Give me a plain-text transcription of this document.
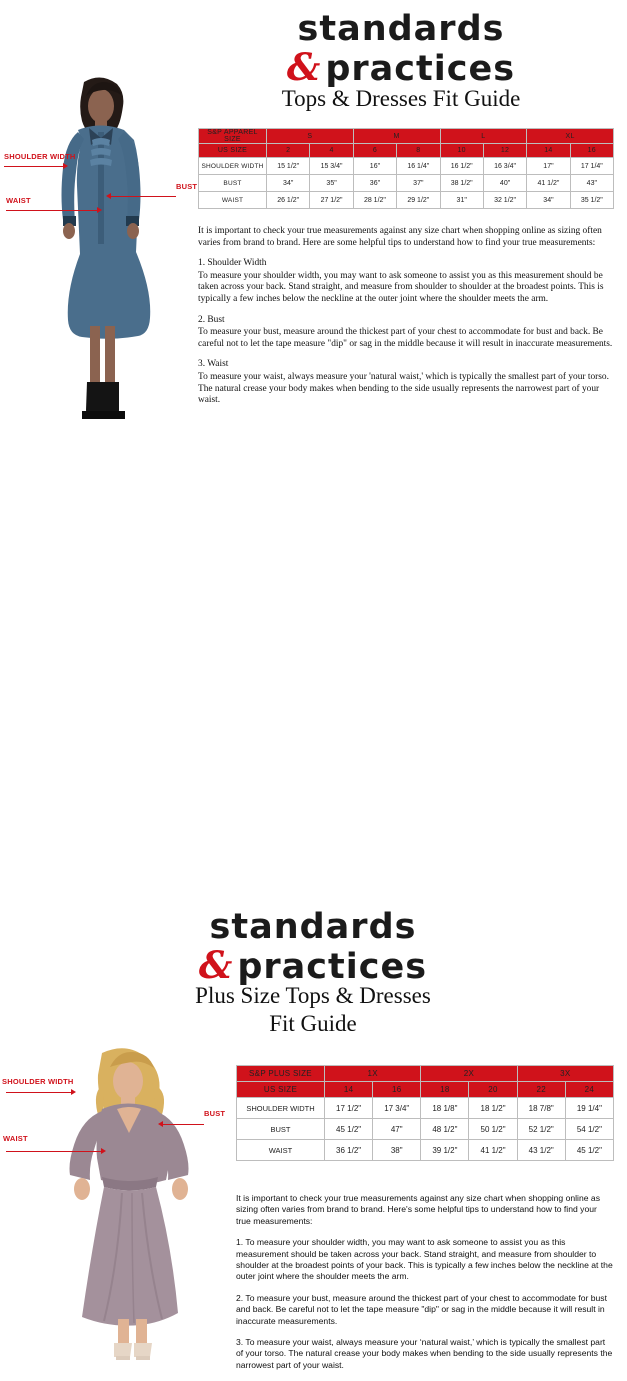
standards
& practices
Tops & Dresses Fit Guide
SHOULDER WIDTH
BUST
WAIST
S&P APPAREL SIZE	S		M		L		XL	
US SIZE	2	4	6	8	10	12	14	16
SHOULDER WIDTH	15 1/2"	15 3/4"	16"	16 1/4"	16 1/2"	16 3/4"	17"	17 1/4"
BUST	34"	35"	36"	37"	38 1/2"	40"	41 1/2"	43"
WAIST	26 1/2"	27 1/2"	28 1/2"	29 1/2"	31"	32 1/2"	34"	35 1/2"

It is important to check your true measurements against any size chart when shopping online as sizing often varies from brand to brand. Here are some helpful tips to understand how to find your true measurements:

1. Shoulder Width

To measure your shoulder width, you may want to ask someone to assist you as this measurement should be taken across your back. Stand straight, and measure from shoulder to shoulder at the broadest points. This is typically a few inches below the neckline at the outer joint where the shoulder meets the arm.

2. Bust

To measure your bust, measure around the thickest part of your chest to accommodate for bust and back. Be careful not to let the tape measure "dip" or sag in the middle because it will result in inaccurate measurements.

3. Waist

To measure your waist, always measure your 'natural waist,' which is typically the smallest part of your torso. The natural crease your body makes when bending to the side usually represents the narrowest part of your waist.

standards
& practices
Plus Size Tops & Dresses
Fit Guide
SHOULDER WIDTH
BUST
WAIST
S&P PLUS SIZE	1X		2X		3X	
US SIZE	14	16	18	20	22	24
SHOULDER WIDTH	17 1/2"	17 3/4"	18 1/8"	18 1/2"	18 7/8"	19 1/4"
BUST	45 1/2"	47"	48 1/2"	50 1/2"	52 1/2"	54 1/2"
WAIST	36 1/2"	38"	39 1/2"	41 1/2"	43 1/2"	45 1/2"

It is important to check your true measurements against any size chart when shopping online as sizing often varies from brand to brand. Here's some helpful tips to understand how to find your true measurements:

1. To measure your shoulder width, you may want to ask someone to assist you as this measurement should be taken across your back. Stand straight, and measure from shoulder to shoulder at the broadest points of your back. This is typically a few inches below the neckline at the outer joint where the shoulder meets the arm.

2. To measure your bust, measure around the thickest part of your chest to accommodate for bust and back. Be careful not to let the tape measure "dip" or sag in the middle because it will result in inaccurate measurements.

3. To measure your waist, always measure your ‘natural waist,’ which is typically the smallest part of your torso. The natural crease your body makes when bending to the side usually represents the narrowest part of your waist.
